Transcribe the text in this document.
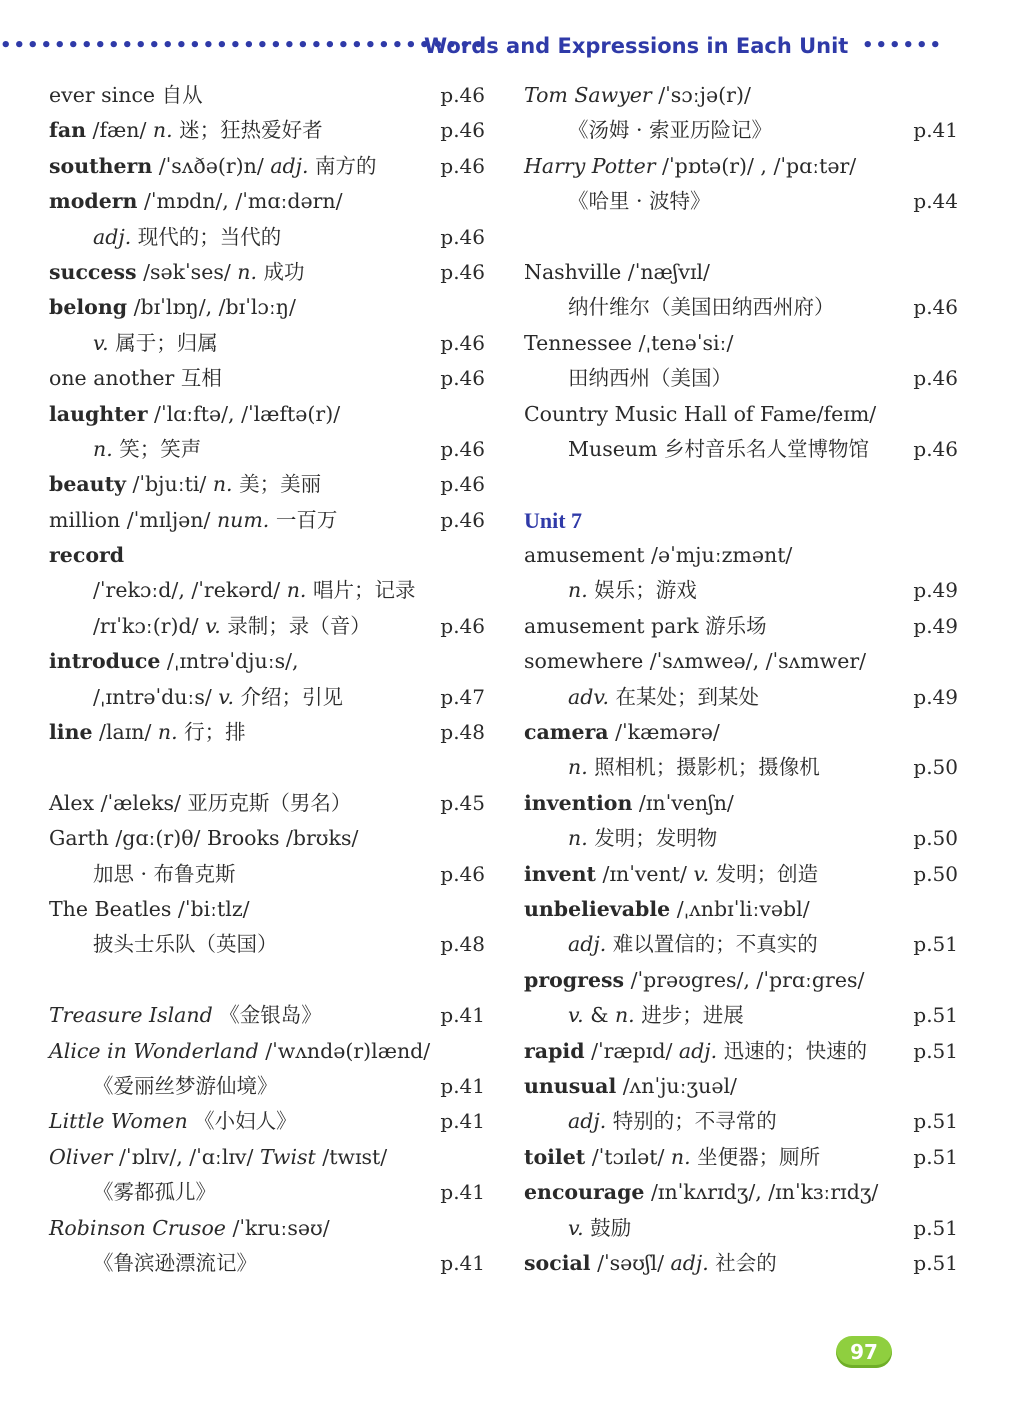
••••••••••••••••••••••••••••••••••••
Words and Expressions in Each Unit ••••••
ever since 自从	p.46
fan /fæn/ n. 迷；狂热爱好者	p.46
southern /ˈsʌðə(r)n/ adj. 南方的	p.46
modern /ˈmɒdn/, /ˈmɑːdərn/
adj. 现代的；当代的	p.46
success /səkˈses/ n. 成功	p.46
belong /bɪˈlɒŋ/, /bɪˈlɔːŋ/
v. 属于；归属	p.46
one another 互相	p.46
laughter /ˈlɑːftə/, /ˈlæftə(r)/
n. 笑；笑声	p.46
beauty /ˈbjuːti/ n. 美；美丽	p.46
million /ˈmɪljən/ num. 一百万	p.46
record
/ˈrekɔːd/, /ˈrekərd/ n. 唱片；记录
/rɪˈkɔː(r)d/ v. 录制；录（音）	p.46
introduce /ˌɪntrəˈdjuːs/,
/ˌɪntrəˈduːs/ v. 介绍；引见	p.47
line /laɪn/ n. 行；排	p.48
Alex /ˈæleks/ 亚历克斯（男名）	p.45
Garth /gɑː(r)θ/ Brooks /brʊks/
加思 · 布鲁克斯	p.46
The Beatles /ˈbiːtlz/
披头士乐队（英国）	p.48
Treasure Island 《金银岛》	p.41
Alice in Wonderland /ˈwʌndə(r)lænd/
《爱丽丝梦游仙境》	p.41
Little Women 《小妇人》	p.41
Oliver /ˈɒlɪv/, /ˈɑːlɪv/ Twist /twɪst/
《雾都孤儿》	p.41
Robinson Crusoe /ˈkruːsəʊ/
《鲁滨逊漂流记》	p.41
Tom Sawyer /ˈsɔːjə(r)/
《汤姆 · 索亚历险记》	p.41
Harry Potter /ˈpɒtə(r)/ , /ˈpɑːtər/
《哈里 · 波特》	p.44
Nashville /ˈnæʃvɪl/
纳什维尔（美国田纳西州府）	p.46
Tennessee /ˌtenəˈsiː/
田纳西州（美国）	p.46
Country Music Hall of Fame/feɪm/
Museum 乡村音乐名人堂博物馆 p.46
Unit 7
amusement /əˈmjuːzmənt/
n. 娱乐；游戏	p.49
amusement park 游乐场	p.49
somewhere /ˈsʌmweə/, /ˈsʌmwer/
adv. 在某处；到某处	p.49
camera /ˈkæmərə/
n. 照相机；摄影机；摄像机	p.50
invention /ɪnˈvenʃn/
n. 发明；发明物	p.50
invent /ɪnˈvent/ v. 发明；创造	p.50
unbelievable /ˌʌnbɪˈliːvəbl/
adj. 难以置信的；不真实的	p.51
progress /ˈprəʊgres/, /ˈprɑːgres/
v. & n. 进步；进展	p.51
rapid /ˈræpɪd/ adj. 迅速的；快速的 p.51
unusual /ʌnˈjuːʒuəl/
adj. 特别的；不寻常的	p.51
toilet /ˈtɔɪlət/ n. 坐便器；厕所	p.51
encourage /ɪnˈkʌrɪdʒ/, /ɪnˈkɜːrɪdʒ/
v. 鼓励	p.51
social /ˈsəʊʃl/ adj. 社会的	p.51
97
